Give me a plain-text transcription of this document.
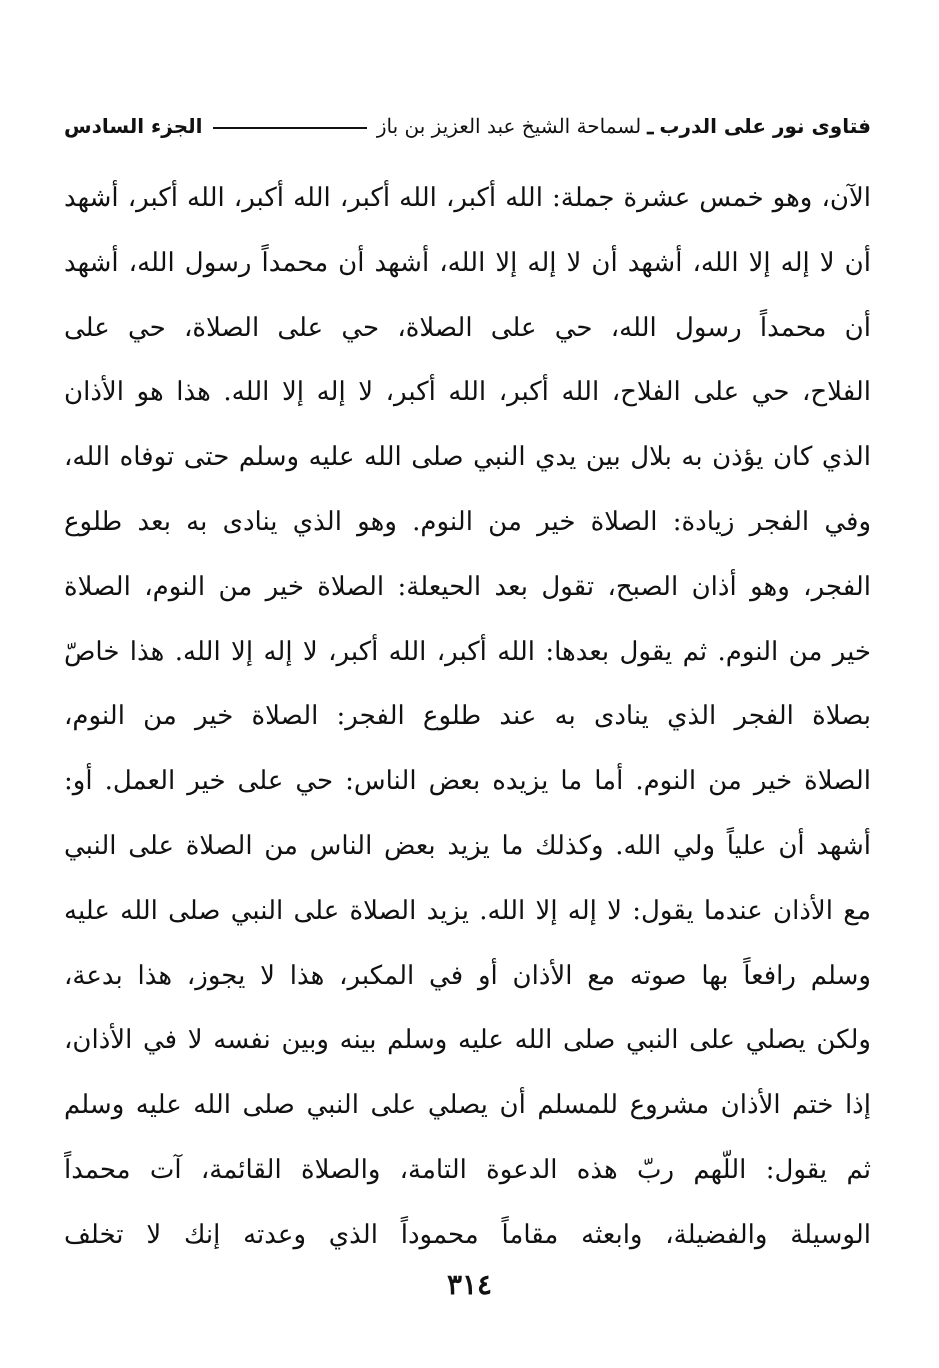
فتاوى نور على الدرب
ـ
لسماحة الشيخ عبد العزيز بن باز
الجزء السادس
الآن، وهو خمس عشرة جملة: الله أكبر، الله أكبر، الله أكبر، الله أكبر، أشهد
أن لا إله إلا الله، أشهد أن لا إله إلا الله، أشهد أن محمداً رسول الله، أشهد
أن محمداً رسول الله، حي على الصلاة، حي على الصلاة، حي على
الفلاح، حي على الفلاح، الله أكبر، الله أكبر، لا إله إلا الله. هذا هو الأذان
الذي كان يؤذن به بلال بين يدي النبي صلى الله عليه وسلم حتى توفاه الله،
وفي الفجر زيادة: الصلاة خير من النوم. وهو الذي ينادى به بعد طلوع
الفجر، وهو أذان الصبح، تقول بعد الحيعلة: الصلاة خير من النوم، الصلاة
خير من النوم. ثم يقول بعدها: الله أكبر، الله أكبر، لا إله إلا الله. هذا خاصّ
بصلاة الفجر الذي ينادى به عند طلوع الفجر: الصلاة خير من النوم،
الصلاة خير من النوم. أما ما يزيده بعض الناس: حي على خير العمل. أو:
أشهد أن علياً ولي الله. وكذلك ما يزيد بعض الناس من الصلاة على النبي
مع الأذان عندما يقول: لا إله إلا الله. يزيد الصلاة على النبي صلى الله عليه
وسلم رافعاً بها صوته مع الأذان أو في المكبر، هذا لا يجوز، هذا بدعة،
ولكن يصلي على النبي صلى الله عليه وسلم بينه وبين نفسه لا في الأذان،
إذا ختم الأذان مشروع للمسلم أن يصلي على النبي صلى الله عليه وسلم
ثم يقول: اللّهم ربّ هذه الدعوة التامة، والصلاة القائمة، آت محمداً
الوسيلة والفضيلة، وابعثه مقاماً محموداً الذي وعدته إنك لا تخلف
٣١٤
